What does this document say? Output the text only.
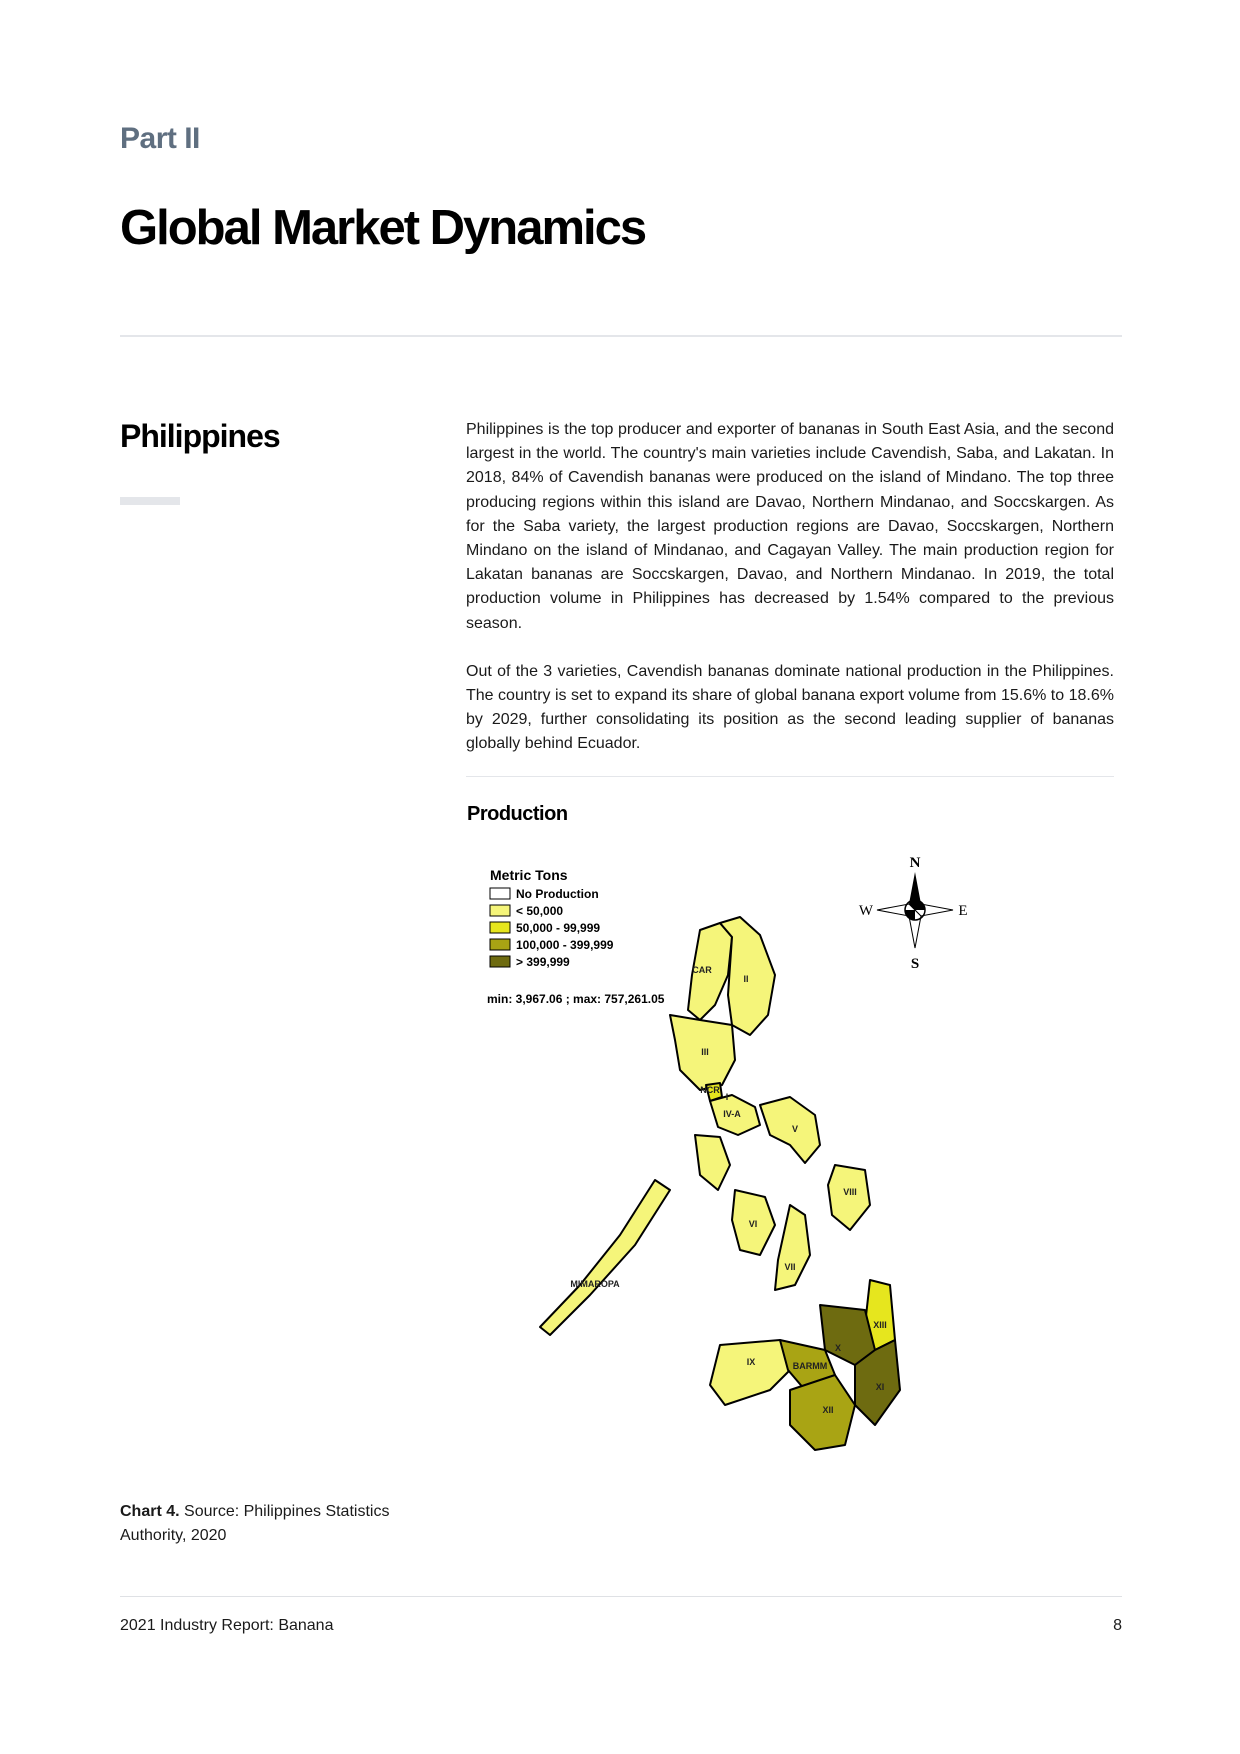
Part II
Global Market Dynamics
Philippines	Philippines is the top producer and exporter of bananas in South East Asia, and the second largest in the world. The country's main varieties include Cavendish, Saba, and Lakatan. In 2018, 84% of Cavendish bananas were produced on the island of Mindano. The top three producing regions within this island are Davao, Northern Mindanao, and Soccskargen. As for the Saba variety, the largest production regions are Davao, Soccskargen, Northern Mindano on the island of Mindanao, and Cagayan Valley. The main production region for Lakatan bananas are Soccskargen, Davao, and Northern Mindanao. In 2019, the total production volume in Philippines has decreased by 1.54% compared to the previous season.

Out of the 3 varieties, Cavendish bananas dominate national production in the Philippines. The country is set to expand its share of global banana export volume from 15.6% to 18.6% by 2029, further consolidating its position as the second leading supplier of bananas globally behind Ecuador.

Production
Metric Tons
No Production
< 50,000
50,000 - 99,999
100,000 - 399,999
> 399,999
min: 3,967.06 ; max: 757,261.05
N
S
E
W
CAR
II
III
NCR
I
IV-A
V
VIII
VI
VII
MIMAROPA
XIII
X
IX	BARMM
XI
XII
Chart 4. Source: Philippines Statistics Authority, 2020
2021 Industry Report: Banana	8
